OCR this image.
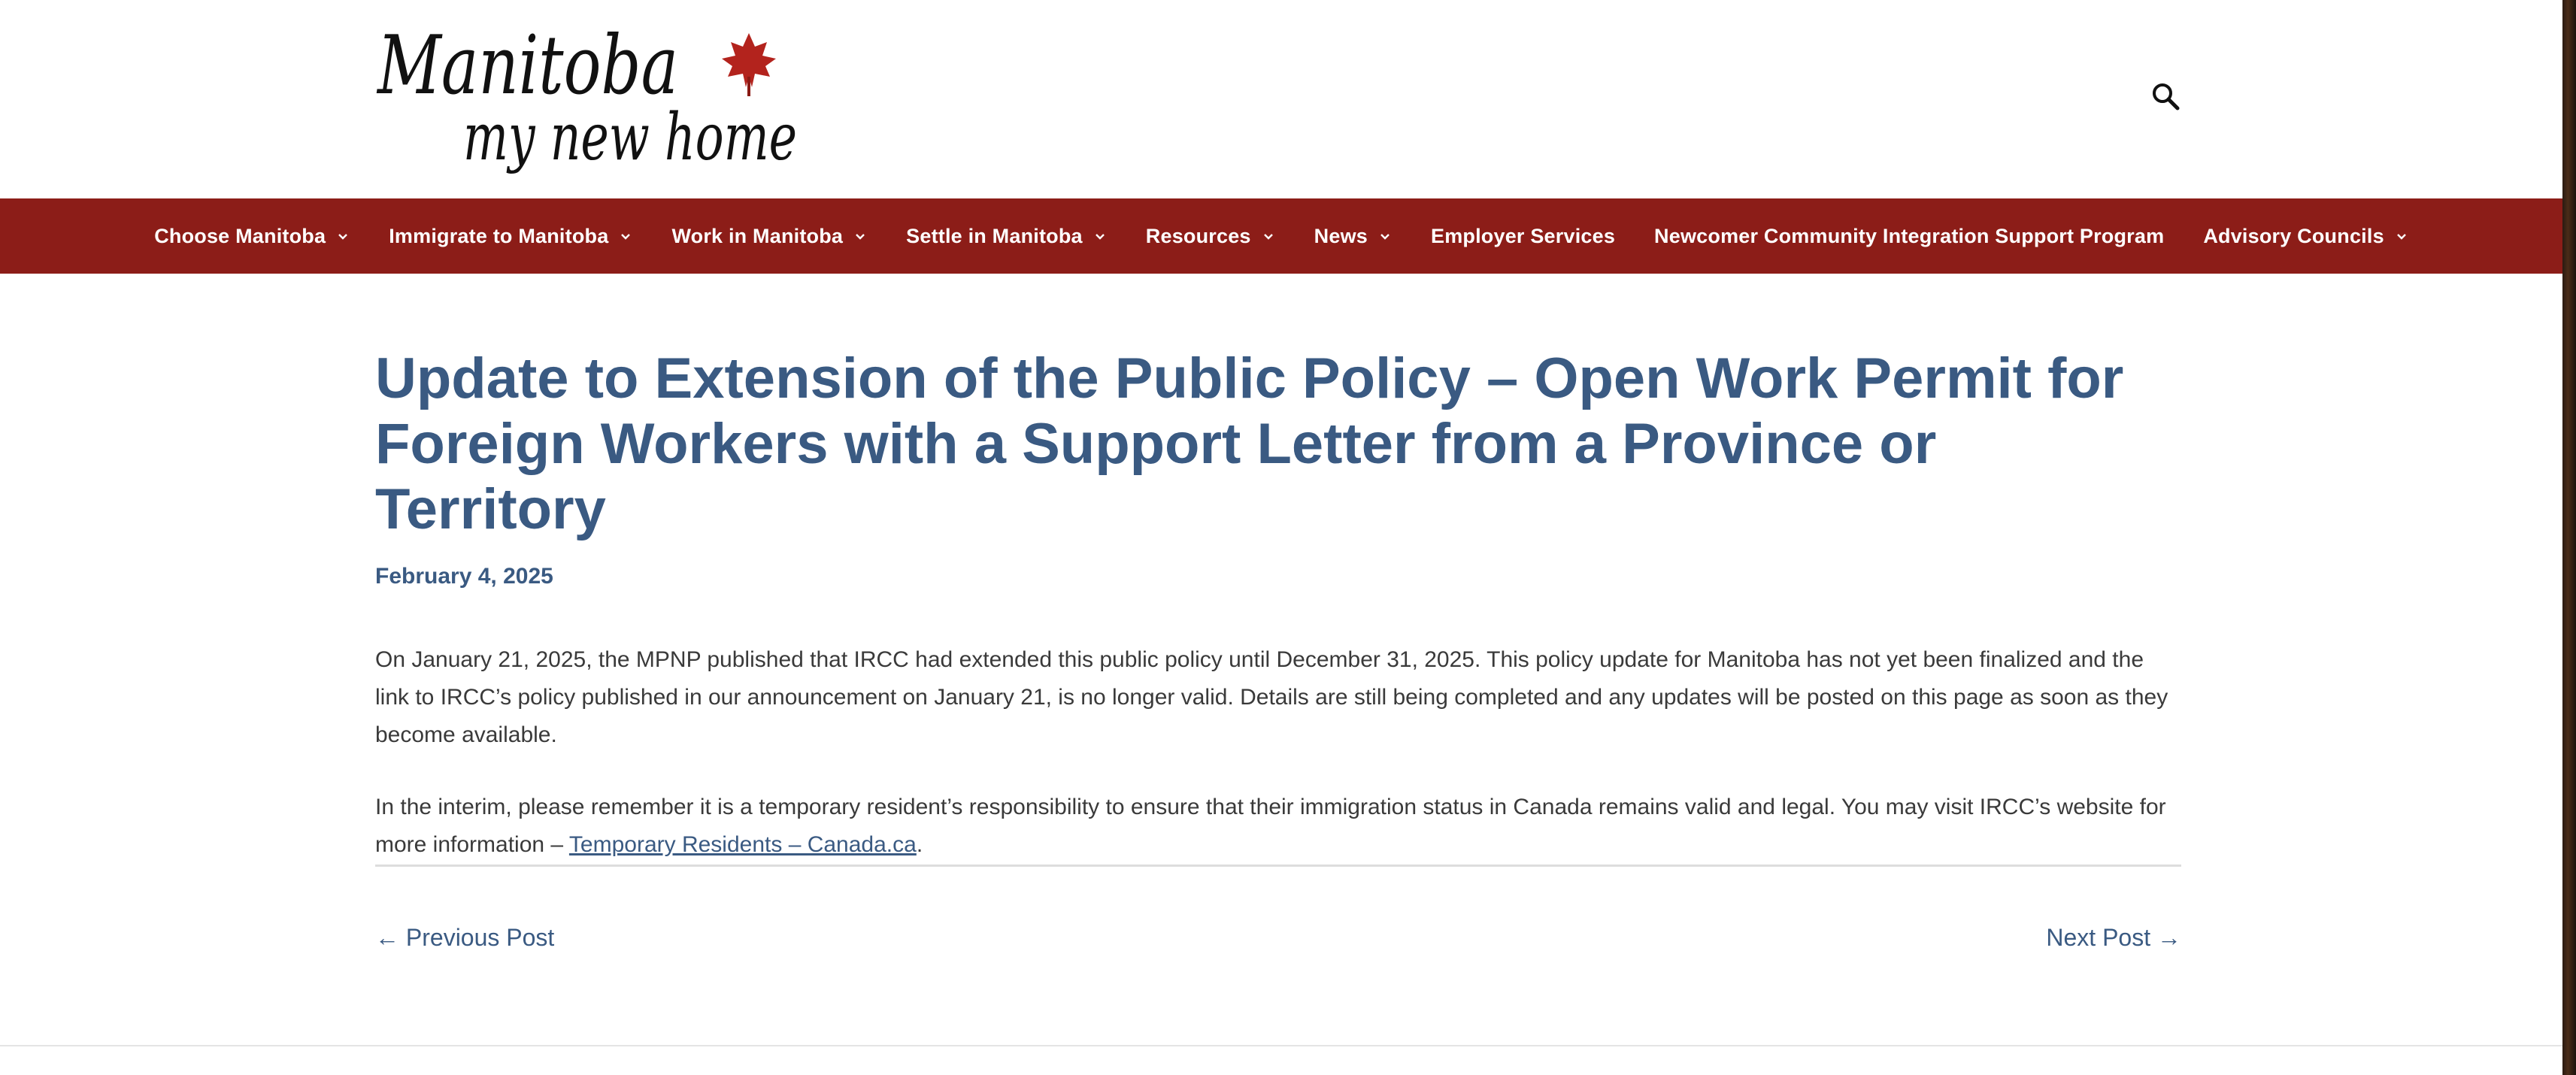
Manitoba
my new home
Choose Manitoba	Immigrate to Manitoba	Work in Manitoba	Settle in Manitoba	Resources	News	Employer Services Newcomer Community Integration Support Program Advisory Councils
Update to Extension of the Public Policy – Open Work Permit for Foreign Workers with a Support Letter from a Province or Territory
February 4, 2025

On January 21, 2025, the MPNP published that IRCC had extended this public policy until December 31, 2025. This policy update for Manitoba has not yet been finalized and the link to IRCC’s policy published in our announcement on January 21, is no longer valid. Details are still being completed and any updates will be posted on this page as soon as they become available.

In the interim, please remember it is a temporary resident’s responsibility to ensure that their immigration status in Canada remains valid and legal. You may visit IRCC’s website for more information – Temporary Residents – Canada.ca.

← Previous Post	Next Post →
